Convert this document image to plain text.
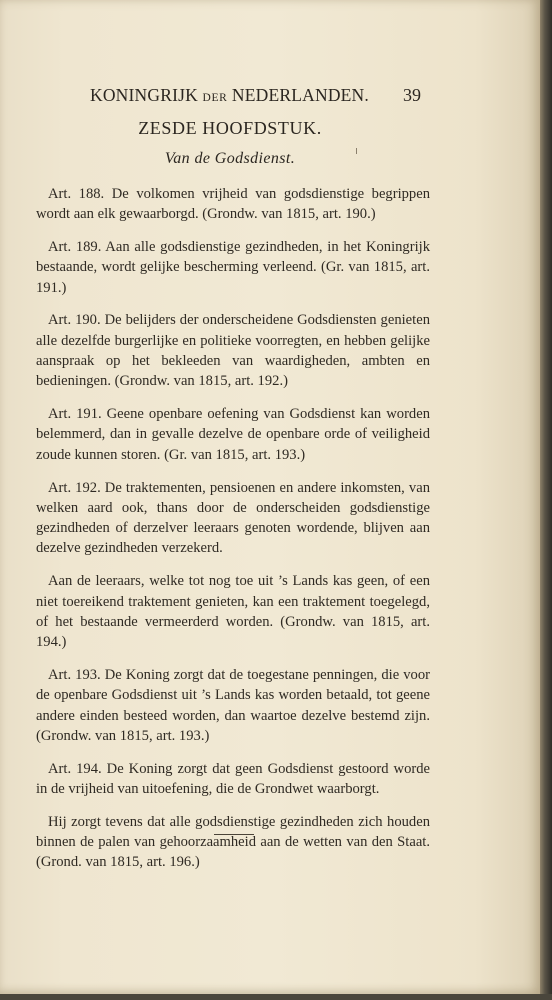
KONINGRIJK DER NEDERLANDEN. 39
ZESDE HOOFDSTUK.
Van de Godsdienst.

Art. 188. De volkomen vrijheid van godsdienstige begrippen wordt aan elk gewaarborgd. (Grondw. van 1815, art. 190.)

Art. 189. Aan alle godsdienstige gezindheden, in het Koningrijk bestaande, wordt gelijke bescherming verleend. (Gr. van 1815, art. 191.)

Art. 190. De belijders der onderscheidene Godsdiensten genieten alle dezelfde burgerlijke en politieke voorregten, en hebben gelijke aanspraak op het bekleeden van waardigheden, ambten en bedieningen. (Grondw. van 1815, art. 192.)

Art. 191. Geene openbare oefening van Godsdienst kan worden belemmerd, dan in gevalle dezelve de openbare orde of veiligheid zoude kunnen storen. (Gr. van 1815, art. 193.)

Art. 192. De traktementen, pensioenen en andere inkomsten, van welken aard ook, thans door de onderscheiden godsdienstige gezindheden of derzelver leeraars genoten wordende, blijven aan dezelve gezindheden verzekerd.

Aan de leeraars, welke tot nog toe uit ’s Lands kas geen, of een niet toereikend traktement genieten, kan een traktement toegelegd, of het bestaande vermeerderd worden. (Grondw. van 1815, art. 194.)

Art. 193. De Koning zorgt dat de toegestane penningen, die voor de openbare Godsdienst uit ’s Lands kas worden betaald, tot geene andere einden besteed worden, dan waartoe dezelve bestemd zijn. (Grondw. van 1815, art. 193.)

Art. 194. De Koning zorgt dat geen Godsdienst gestoord worde in de vrijheid van uitoefening, die de Grondwet waarborgt.

Hij zorgt tevens dat alle godsdienstige gezindheden zich houden binnen de palen van gehoorzaamheid aan de wetten van den Staat. (Grond. van 1815, art. 196.)
